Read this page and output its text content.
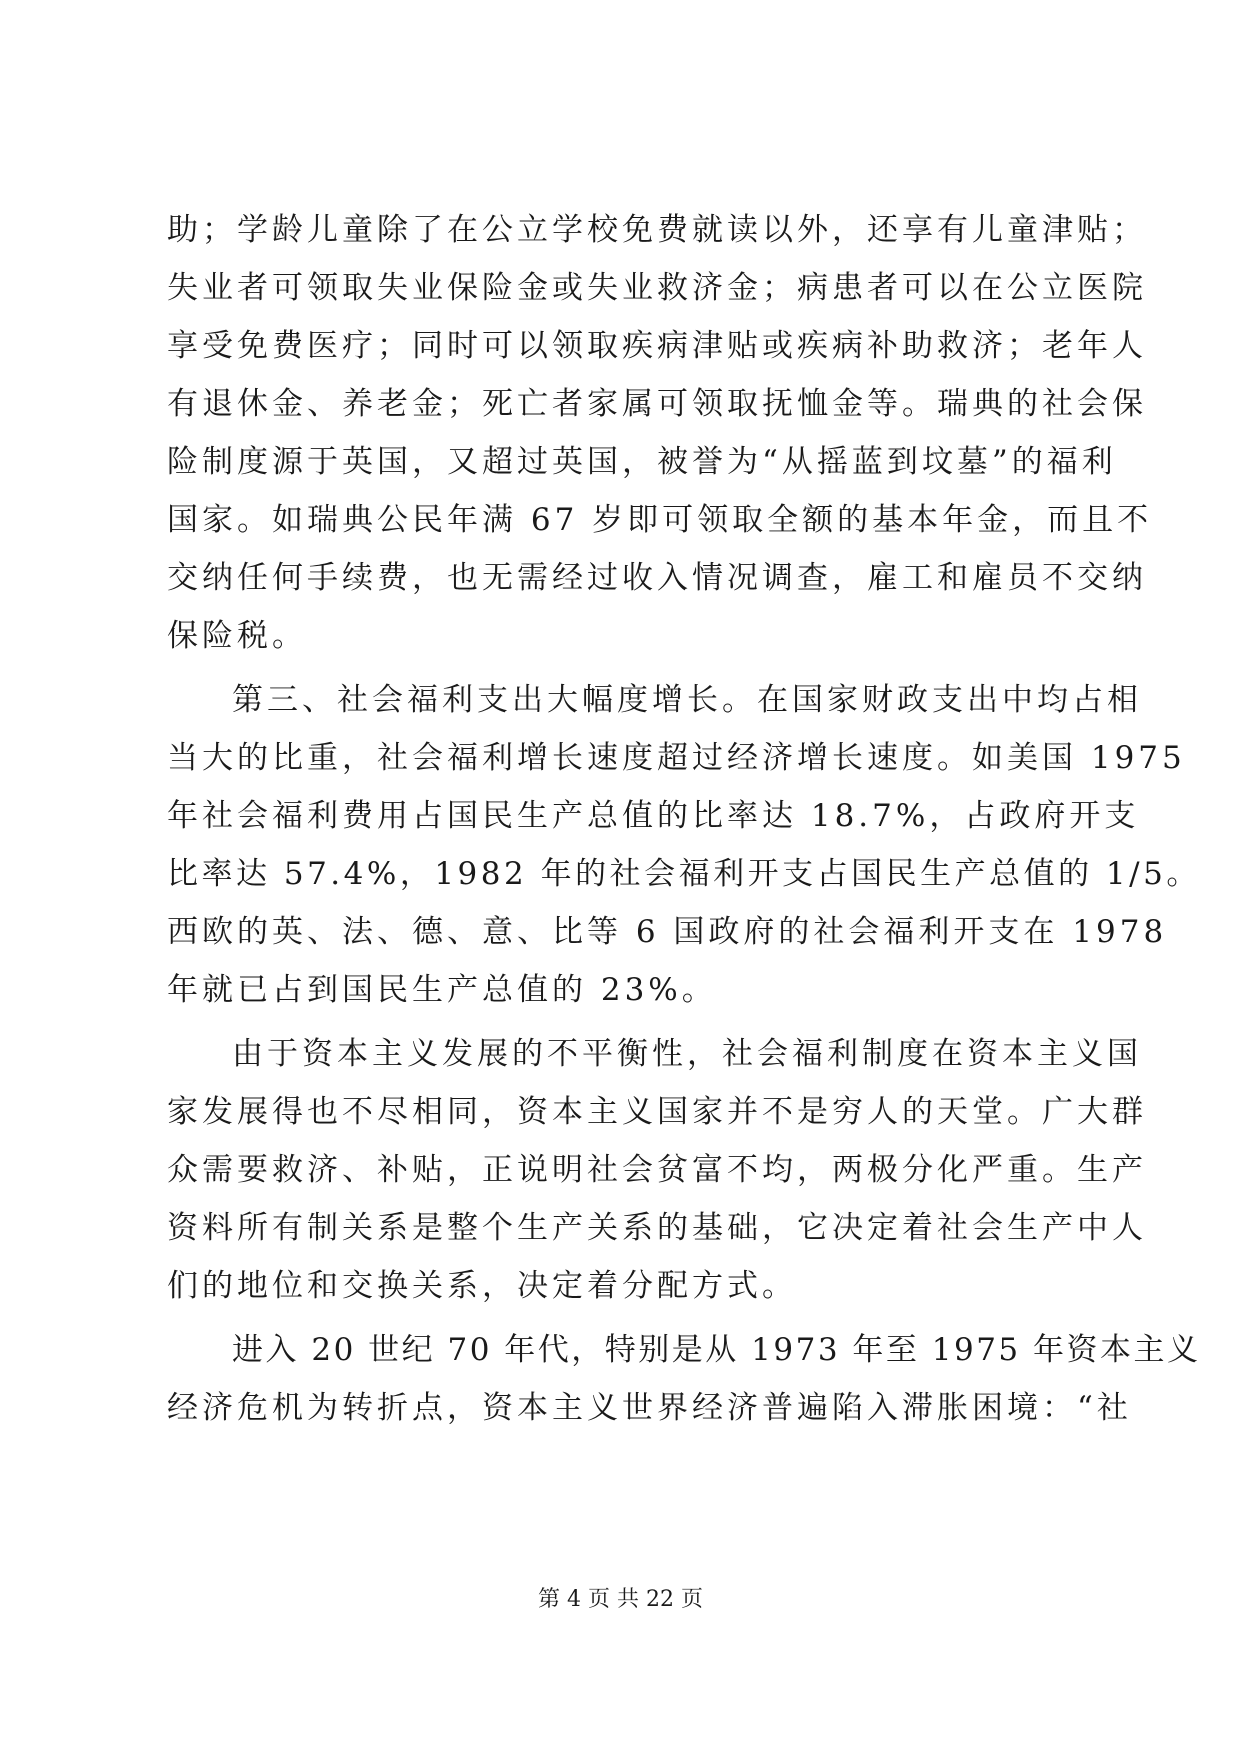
助；学龄儿童除了在公立学校免费就读以外，还享有儿童津贴；
失业者可领取失业保险金或失业救济金；病患者可以在公立医院
享受免费医疗；同时可以领取疾病津贴或疾病补助救济；老年人
有退休金、养老金；死亡者家属可领取抚恤金等。瑞典的社会保
险制度源于英国，又超过英国，被誉为“从摇蓝到坟墓”的福利
国家。如瑞典公民年满 67 岁即可领取全额的基本年金，而且不
交纳任何手续费，也无需经过收入情况调查，雇工和雇员不交纳
保险税。
第三、社会福利支出大幅度增长。在国家财政支出中均占相
当大的比重，社会福利增长速度超过经济增长速度。如美国 1975
年社会福利费用占国民生产总值的比率达 18.7%，占政府开支
比率达 57.4%，1982 年的社会福利开支占国民生产总值的 1/5。
西欧的英、法、德、意、比等 6 国政府的社会福利开支在 1978
年就已占到国民生产总值的 23%。
由于资本主义发展的不平衡性，社会福利制度在资本主义国
家发展得也不尽相同，资本主义国家并不是穷人的天堂。广大群
众需要救济、补贴，正说明社会贫富不均，两极分化严重。生产
资料所有制关系是整个生产关系的基础，它决定着社会生产中人
们的地位和交换关系，决定着分配方式。
进入 20 世纪 70 年代，特别是从 1973 年至 1975 年资本主义
经济危机为转折点，资本主义世界经济普遍陷入滞胀困境：“社
第 4 页 共 22 页
